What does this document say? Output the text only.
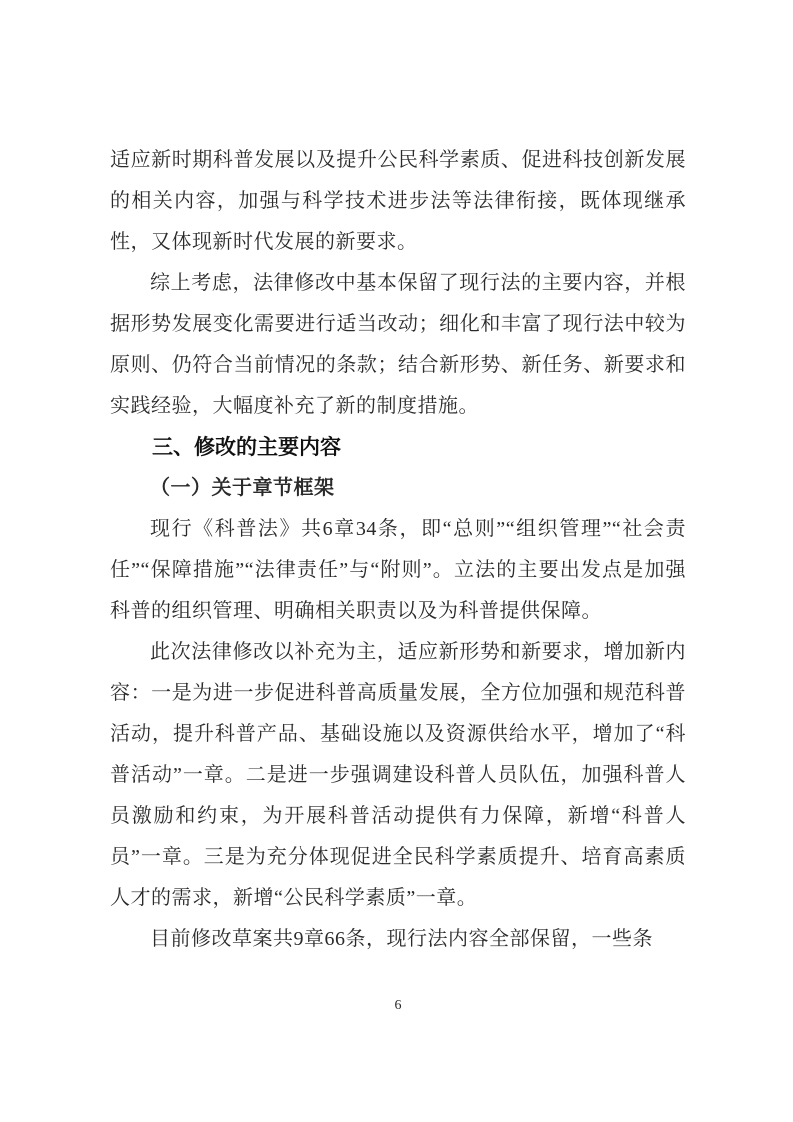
适应新时期科普发展以及提升公民科学素质、促进科技创新发展的相关内容，加强与科学技术进步法等法律衔接，既体现继承性，又体现新时代发展的新要求。

综上考虑，法律修改中基本保留了现行法的主要内容，并根据形势发展变化需要进行适当改动；细化和丰富了现行法中较为原则、仍符合当前情况的条款；结合新形势、新任务、新要求和实践经验，大幅度补充了新的制度措施。

三、修改的主要内容
（一）关于章节框架

现行《科普法》共6章34条，即“总则”“组织管理”“社会责任”“保障措施”“法律责任”与“附则”。立法的主要出发点是加强科普的组织管理、明确相关职责以及为科普提供保障。

此次法律修改以补充为主，适应新形势和新要求，增加新内容：一是为进一步促进科普高质量发展，全方位加强和规范科普活动，提升科普产品、基础设施以及资源供给水平，增加了“科普活动”一章。二是进一步强调建设科普人员队伍，加强科普人员激励和约束，为开展科普活动提供有力保障，新增“科普人员”一章。三是为充分体现促进全民科学素质提升、培育高素质人才的需求，新增“公民科学素质”一章。

目前修改草案共9章66条，现行法内容全部保留，一些条

6
